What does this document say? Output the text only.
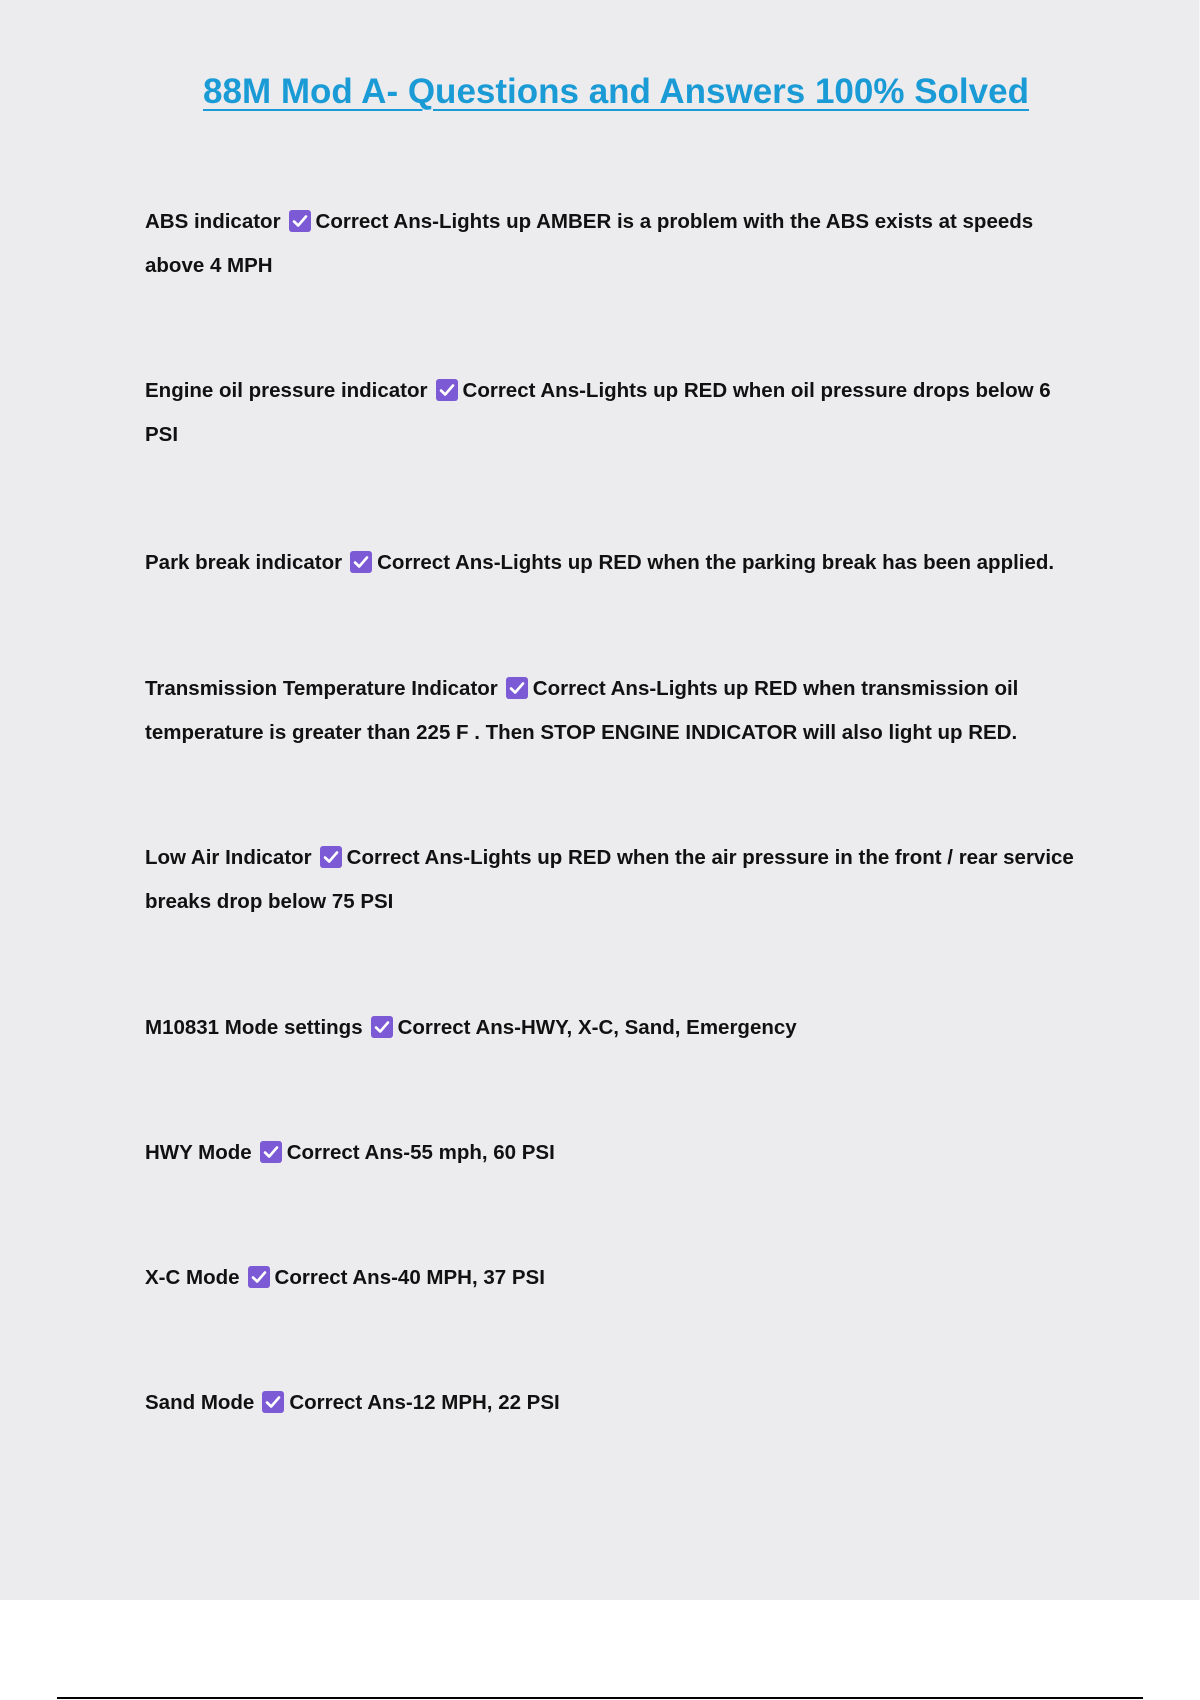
88M Mod A- Questions and Answers 100% Solved
ABS indicator Correct Ans-Lights up AMBER is a problem with the ABS exists at speeds above 4 MPH
Engine oil pressure indicator Correct Ans-Lights up RED when oil pressure drops below 6 PSI
Park break indicator Correct Ans-Lights up RED when the parking break has been applied.
Transmission Temperature Indicator Correct Ans-Lights up RED when transmission oil temperature is greater than 225 F . Then STOP ENGINE INDICATOR will also light up RED.
Low Air Indicator Correct Ans-Lights up RED when the air pressure in the front / rear service breaks drop below 75 PSI
M10831 Mode settings Correct Ans-HWY, X-C, Sand, Emergency
HWY Mode Correct Ans-55 mph, 60 PSI
X-C Mode Correct Ans-40 MPH, 37 PSI
Sand Mode Correct Ans-12 MPH, 22 PSI
